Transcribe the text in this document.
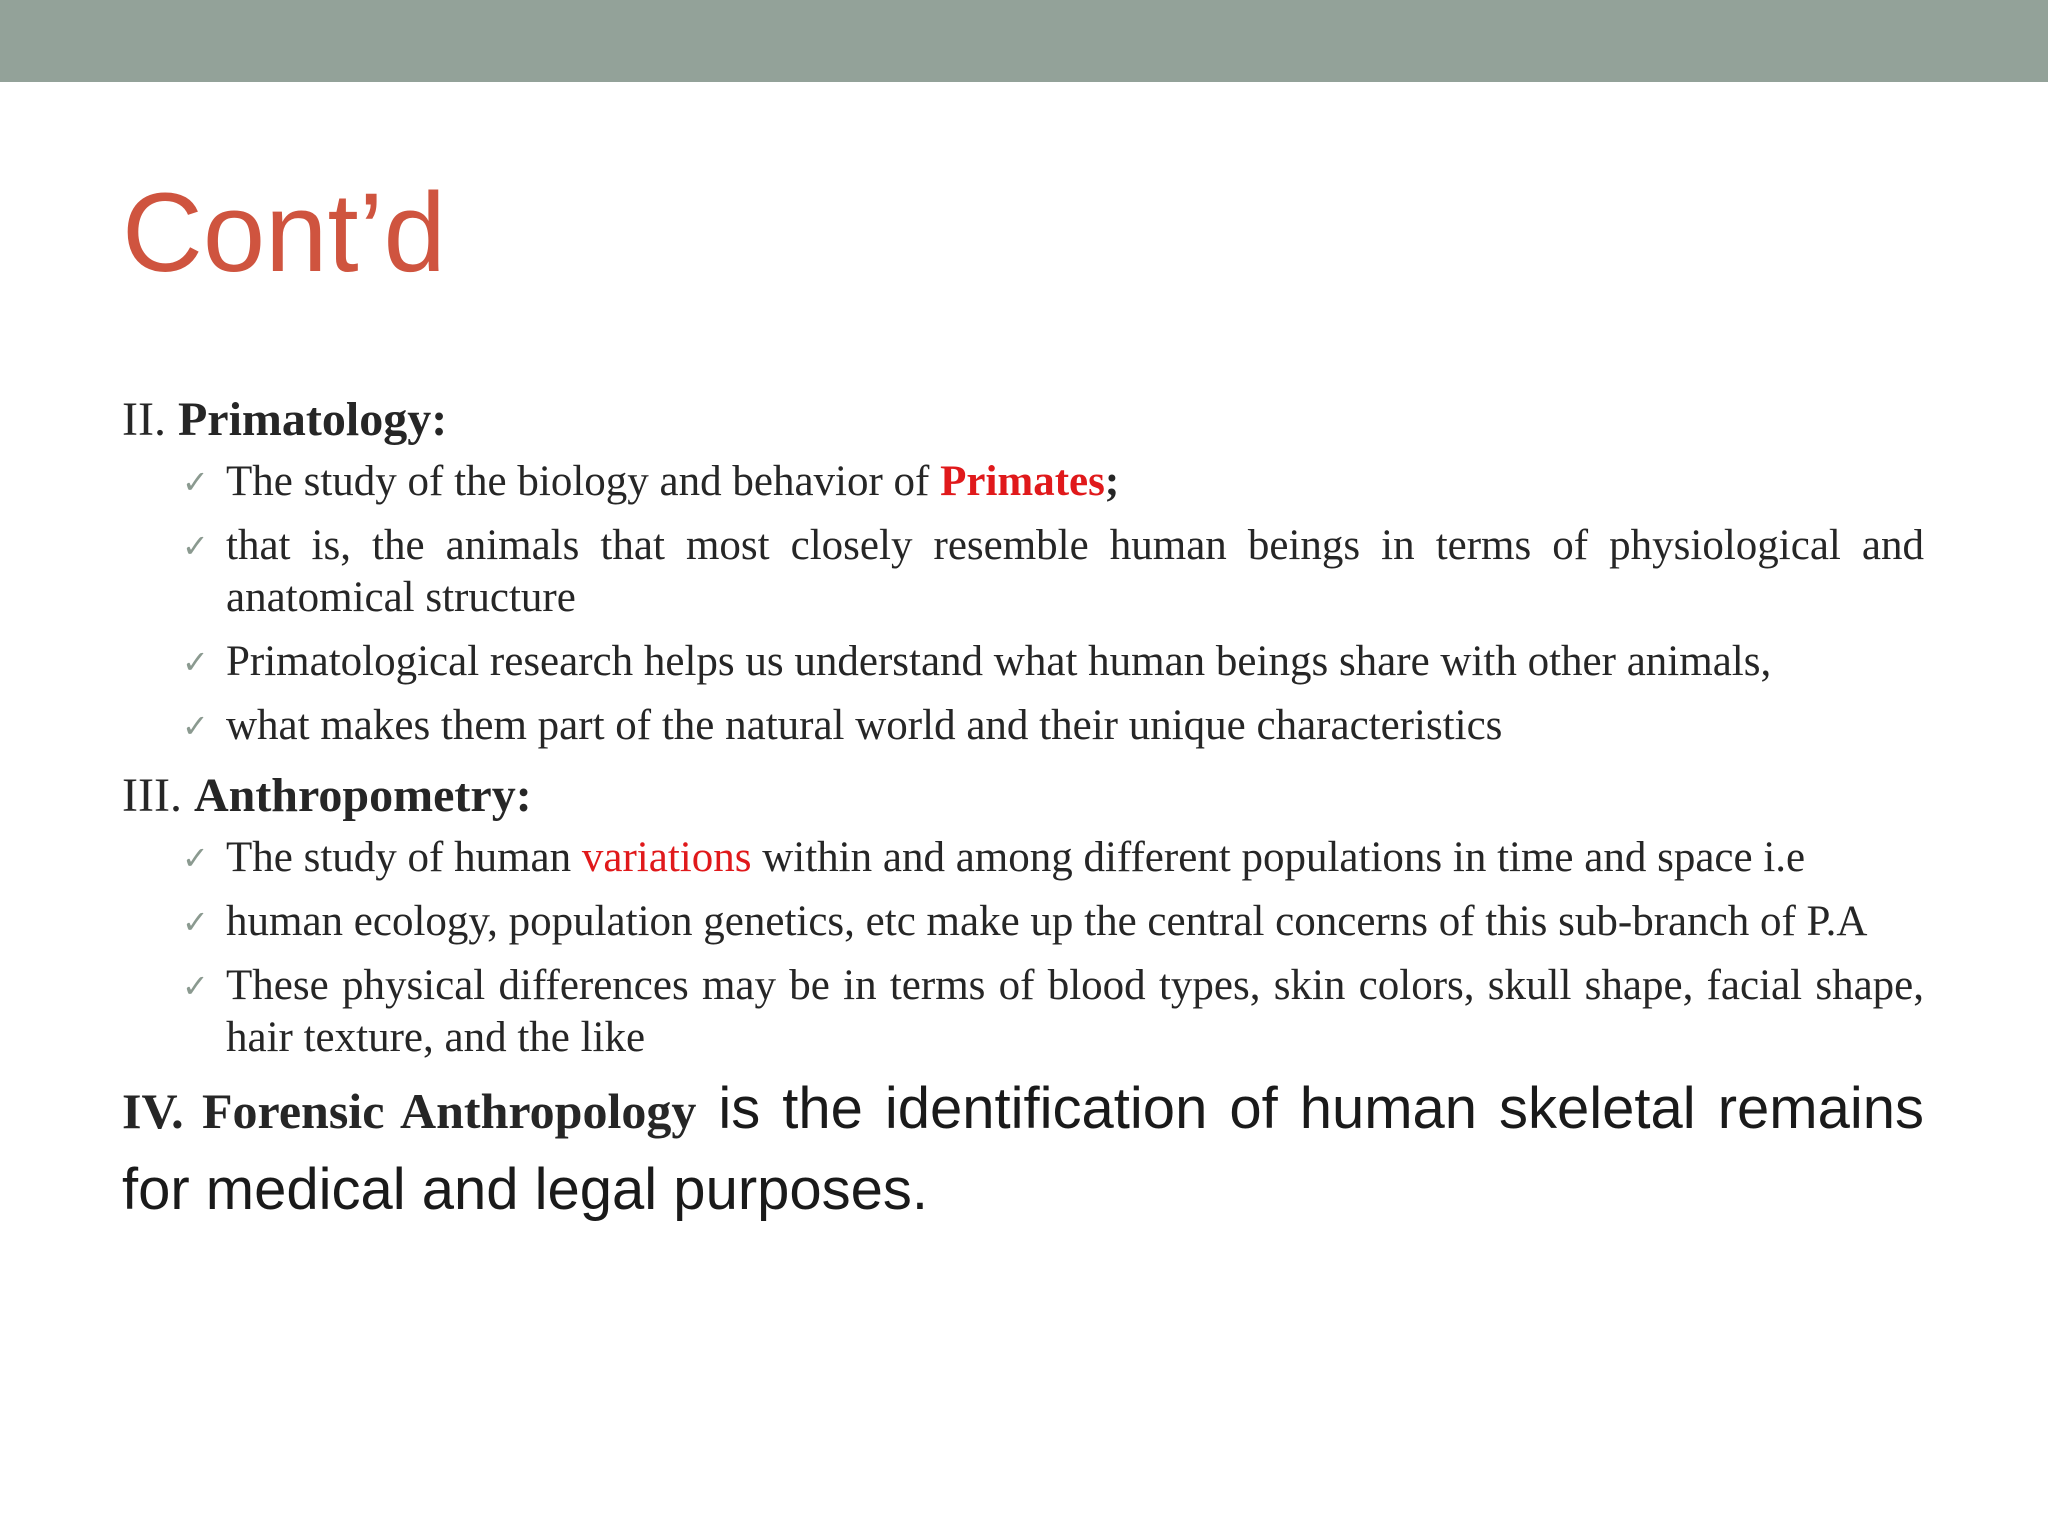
Cont’d

II. Primatology:

✓ The study of the biology and behavior of Primates;
✓ that is, the animals that most closely resemble human beings in terms of physiological and anatomical structure
✓ Primatological research helps us understand what human beings share with other animals,
✓ what makes them part of the natural world and their unique characteristics

III. Anthropometry:

✓ The study of human variations within and among different populations in time and space i.e
✓ human ecology, population genetics, etc make up the central concerns of this sub-branch of P.A
✓ These physical differences may be in terms of blood types, skin colors, skull shape, facial shape, hair texture, and the like
IV. Forensic Anthropology is the identification of human skeletal remains for medical and legal purposes.
